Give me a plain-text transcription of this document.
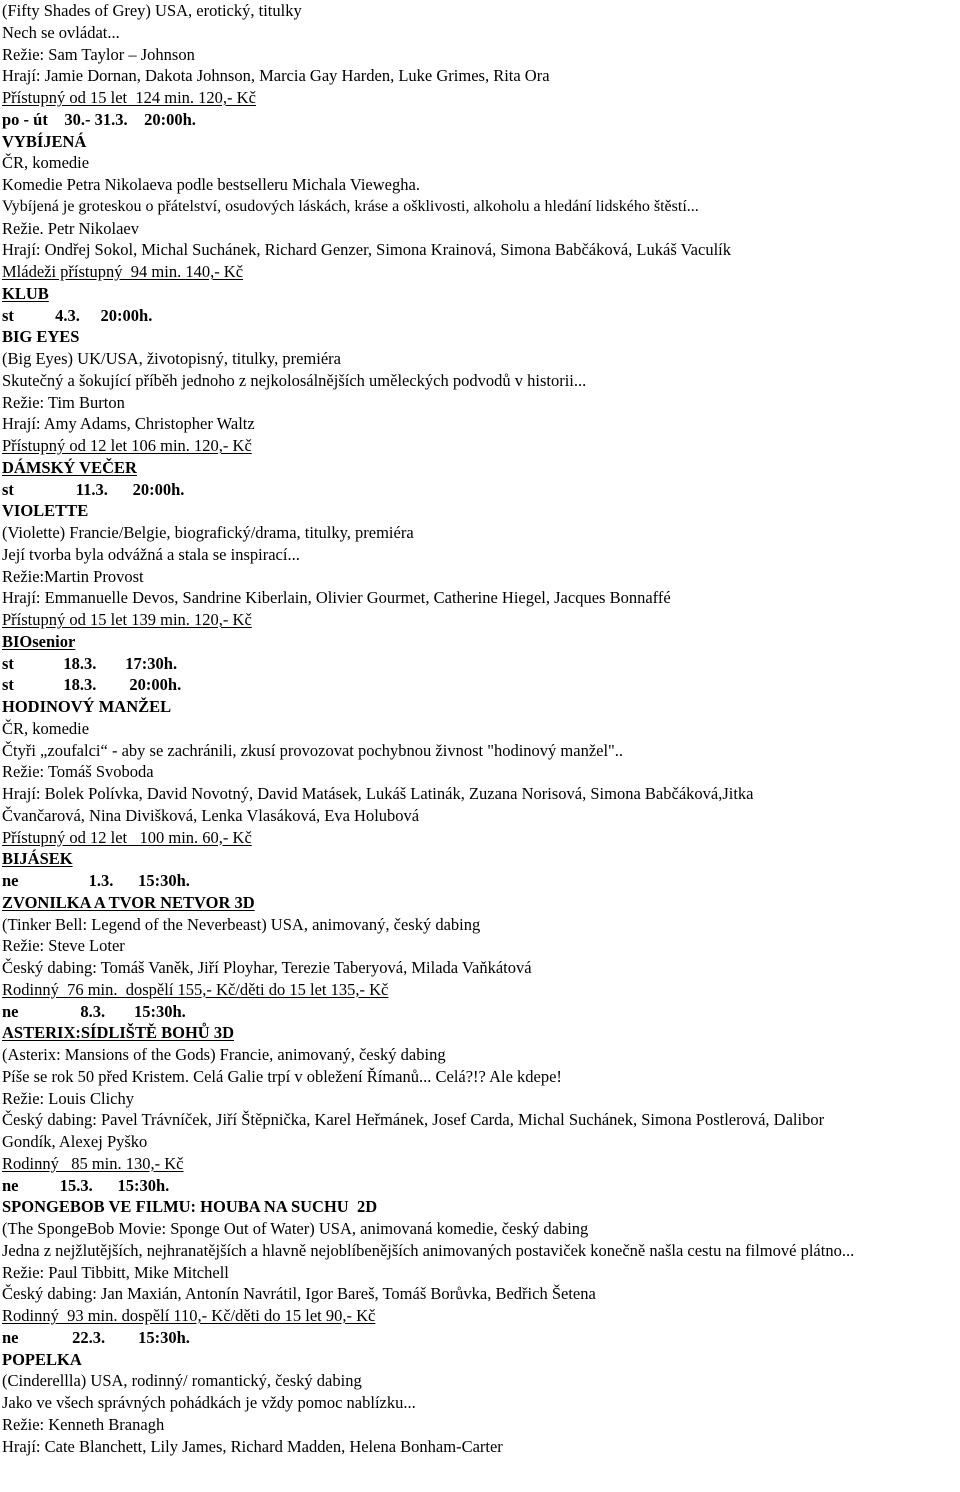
(Fifty Shades of Grey) USA, erotický, titulky
Nech se ovládat...
Režie: Sam Taylor – Johnson
Hrají: Jamie Dornan, Dakota Johnson, Marcia Gay Harden, Luke Grimes, Rita Ora
Přístupný od 15 let  124 min. 120,- Kč
po - út    30.- 31.3.    20:00h.
VYBÍJENÁ
ČR, komedie
Komedie Petra Nikolaeva podle bestselleru Michala Viewegha.
Vybíjená je groteskou o přátelství, osudových láskách, kráse a ošklivosti, alkoholu a hledání lidského štěstí...
Režie. Petr Nikolaev
Hrají: Ondřej Sokol, Michal Suchánek, Richard Genzer, Simona Krainová, Simona Babčáková, Lukáš Vaculík
Mládeži přístupný  94 min. 140,- Kč
KLUB
st          4.3.     20:00h.
BIG EYES
(Big Eyes) UK/USA, životopisný, titulky, premiéra
Skutečný a šokující příběh jednoho z nejkolosálnějších uměleckých podvodů v historii...
Režie: Tim Burton
Hrají: Amy Adams, Christopher Waltz
Přístupný od 12 let 106 min. 120,- Kč
DÁMSKÝ VEČER
st               11.3.      20:00h.
VIOLETTE
(Violette) Francie/Belgie, biografický/drama, titulky, premiéra
Její tvorba byla odvážná a stala se inspirací...
Režie:Martin Provost
Hrají: Emmanuelle Devos, Sandrine Kiberlain, Olivier Gourmet, Catherine Hiegel, Jacques Bonnaffé
Přístupný od 15 let 139 min. 120,- Kč
BIOsenior
st            18.3.       17:30h.
st            18.3.        20:00h.
HODINOVÝ MANŽEL
ČR, komedie
Čtyři „zoufalci“ - aby se zachránili, zkusí provozovat pochybnou živnost "hodinový manžel"..
Režie: Tomáš Svoboda
Hrají: Bolek Polívka, David Novotný, David Matásek, Lukáš Latinák, Zuzana Norisová, Simona Babčáková,Jitka
Čvančarová, Nina Divišková, Lenka Vlasáková, Eva Holubová
Přístupný od 12 let   100 min. 60,- Kč
BIJÁSEK
ne                 1.3.      15:30h.
ZVONILKA A TVOR NETVOR 3D
(Tinker Bell: Legend of the Neverbeast) USA, animovaný, český dabing
Režie: Steve Loter
Český dabing: Tomáš Vaněk, Jiří Ployhar, Terezie Taberyová, Milada Vaňkátová
Rodinný  76 min.  dospělí 155,- Kč/děti do 15 let 135,- Kč
ne               8.3.       15:30h.
ASTERIX:SÍDLIŠTĚ BOHŮ 3D
(Asterix: Mansions of the Gods) Francie, animovaný, český dabing
Píše se rok 50 před Kristem. Celá Galie trpí v obležení Římanů... Celá?!? Ale kdepe!
Režie: Louis Clichy
Český dabing: Pavel Trávníček, Jiří Štěpnička, Karel Heřmánek, Josef Carda, Michal Suchánek, Simona Postlerová, Dalibor
Gondík, Alexej Pyško
Rodinný   85 min. 130,- Kč
ne          15.3.      15:30h.
SPONGEBOB VE FILMU: HOUBA NA SUCHU  2D
(The SpongeBob Movie: Sponge Out of Water) USA, animovaná komedie, český dabing
Jedna z nejžlutějších, nejhranatějších a hlavně nejoblíbenějších animovaných postaviček konečně našla cestu na filmové plátno...
Režie: Paul Tibbitt, Mike Mitchell
Český dabing: Jan Maxián, Antonín Navrátil, Igor Bareš, Tomáš Borůvka, Bedřich Šetena
Rodinný  93 min. dospělí 110,- Kč/děti do 15 let 90,- Kč
ne             22.3.        15:30h.
POPELKA
(Cinderellla) USA, rodinný/ romantický, český dabing
Jako ve všech správných pohádkách je vždy pomoc nablízku...
Režie: Kenneth Branagh
Hrají: Cate Blanchett, Lily James, Richard Madden, Helena Bonham-Carter
